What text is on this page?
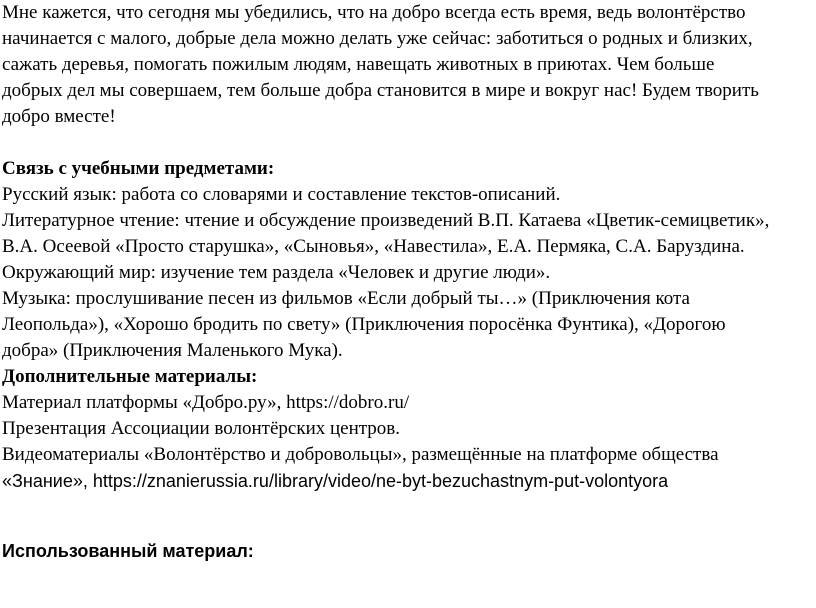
Мне кажется, что сегодня мы убедились, что на добро всегда есть время, ведь волонтёрство
начинается с малого, добрые дела можно делать уже сейчас: заботиться о родных и близких,
сажать деревья, помогать пожилым людям, навещать животных в приютах. Чем больше
добрых дел мы совершаем, тем больше добра становится в мире и вокруг нас! Будем творить
добро вместе!
Связь с учебными предметами:
Русский язык: работа со словарями и составление текстов-описаний.
Литературное чтение: чтение и обсуждение произведений В.П. Катаева «Цветик-семицветик»,
В.А. Осеевой «Просто старушка», «Сыновья», «Навестила», Е.А. Пермяка, С.А. Баруздина.
Окружающий мир: изучение тем раздела «Человек и другие люди».
Музыка: прослушивание песен из фильмов «Если добрый ты…» (Приключения кота
Леопольда»), «Хорошо бродить по свету» (Приключения поросёнка Фунтика), «Дорогою
добра» (Приключения Маленького Мука).
Дополнительные материалы:
Материал платформы «Добро.ру», https://dobro.ru/
Презентация Ассоциации волонтёрских центров.
Видеоматериалы «Волонтёрство и добровольцы», размещённые на платформе общества
«Знание», https://znanierussia.ru/library/video/ne-byt-bezuchastnym-put-volontyora
Использованный материал:
